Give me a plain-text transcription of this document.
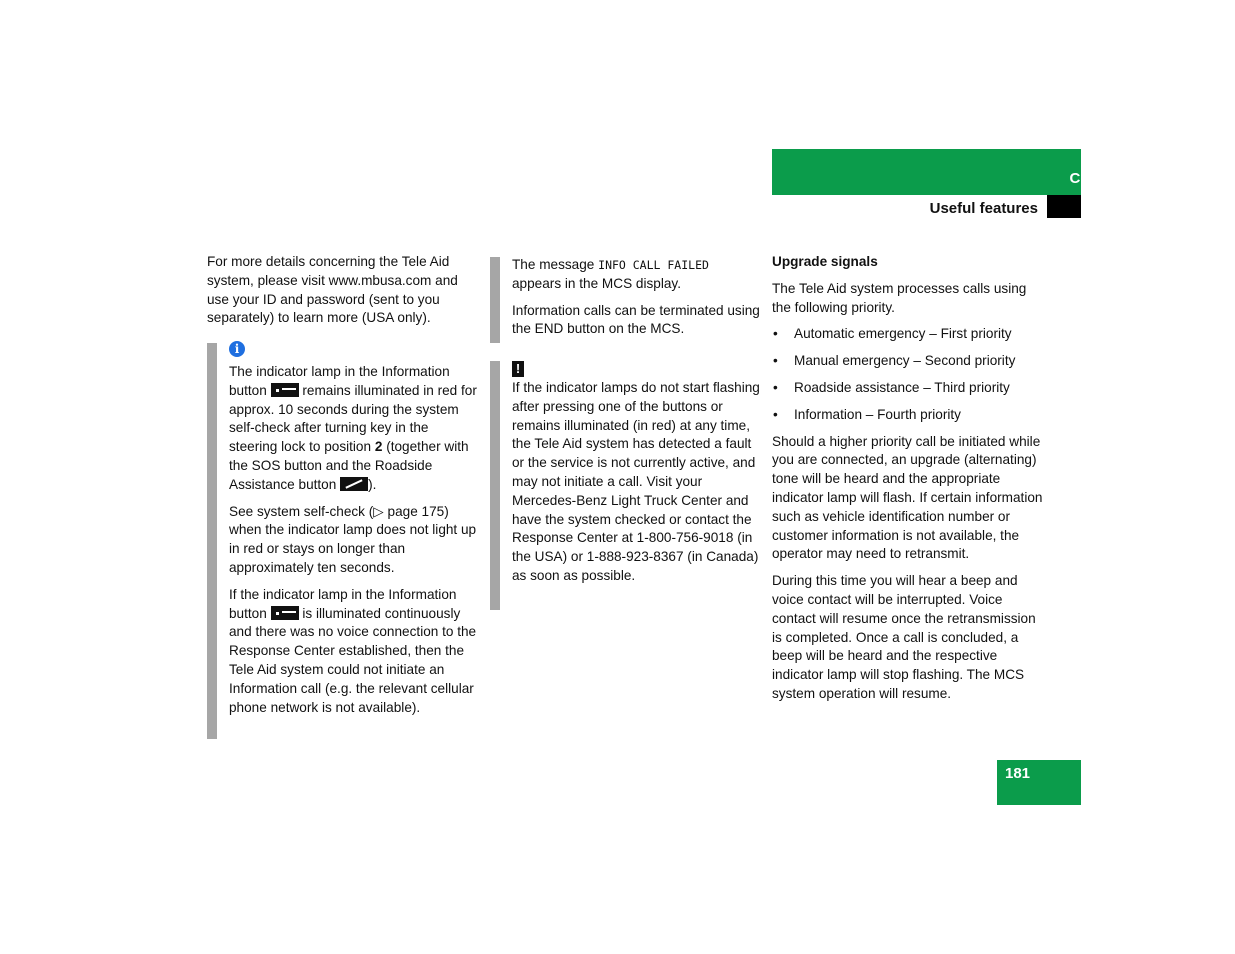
Controls in detail
Useful features

For more details concerning the Tele Aid system, please visit www.mbusa.com and use your ID and password (sent to you separately) to learn more (USA only).

i

The indicator lamp in the Information button	remains illuminated in red for approx. 10 seconds during the system self-check after turning key in the steering lock to position 2 (together with the SOS button and the Roadside Assistance button ).

See system self-check (▷ page 175) when the indicator lamp does not light up in red or stays on longer than approximately ten seconds.

If the indicator lamp in the Information button	is illuminated continuously and there was no voice connection to the Response Center established, then the Tele Aid system could not initiate an Information call (e.g. the relevant cellular phone network is not available).

The message INFO CALL FAILED appears in the MCS display.

Information calls can be terminated using the END button on the MCS.

!

If the indicator lamps do not start flashing after pressing one of the buttons or remains illuminated (in red) at any time, the Tele Aid system has detected a fault or the service is not currently active, and may not initiate a call. Visit your Mercedes-Benz Light Truck Center and have the system checked or contact the Response Center at 1-800-756-9018 (in the USA) or 1-888-923-8367 (in Canada) as soon as possible.

Upgrade signals

The Tele Aid system processes calls using the following priority.

• Automatic emergency – First priority
• Manual emergency – Second priority
• Roadside assistance – Third priority
• Information – Fourth priority

Should a higher priority call be initiated while you are connected, an upgrade (alternating) tone will be heard and the appropriate indicator lamp will flash. If certain information such as vehicle identification number or customer information is not available, the operator may need to retransmit.

During this time you will hear a beep and voice contact will be interrupted. Voice contact will resume once the retransmission is completed. Once a call is concluded, a beep will be heard and the respective indicator lamp will stop flashing. The MCS system operation will resume.

181
